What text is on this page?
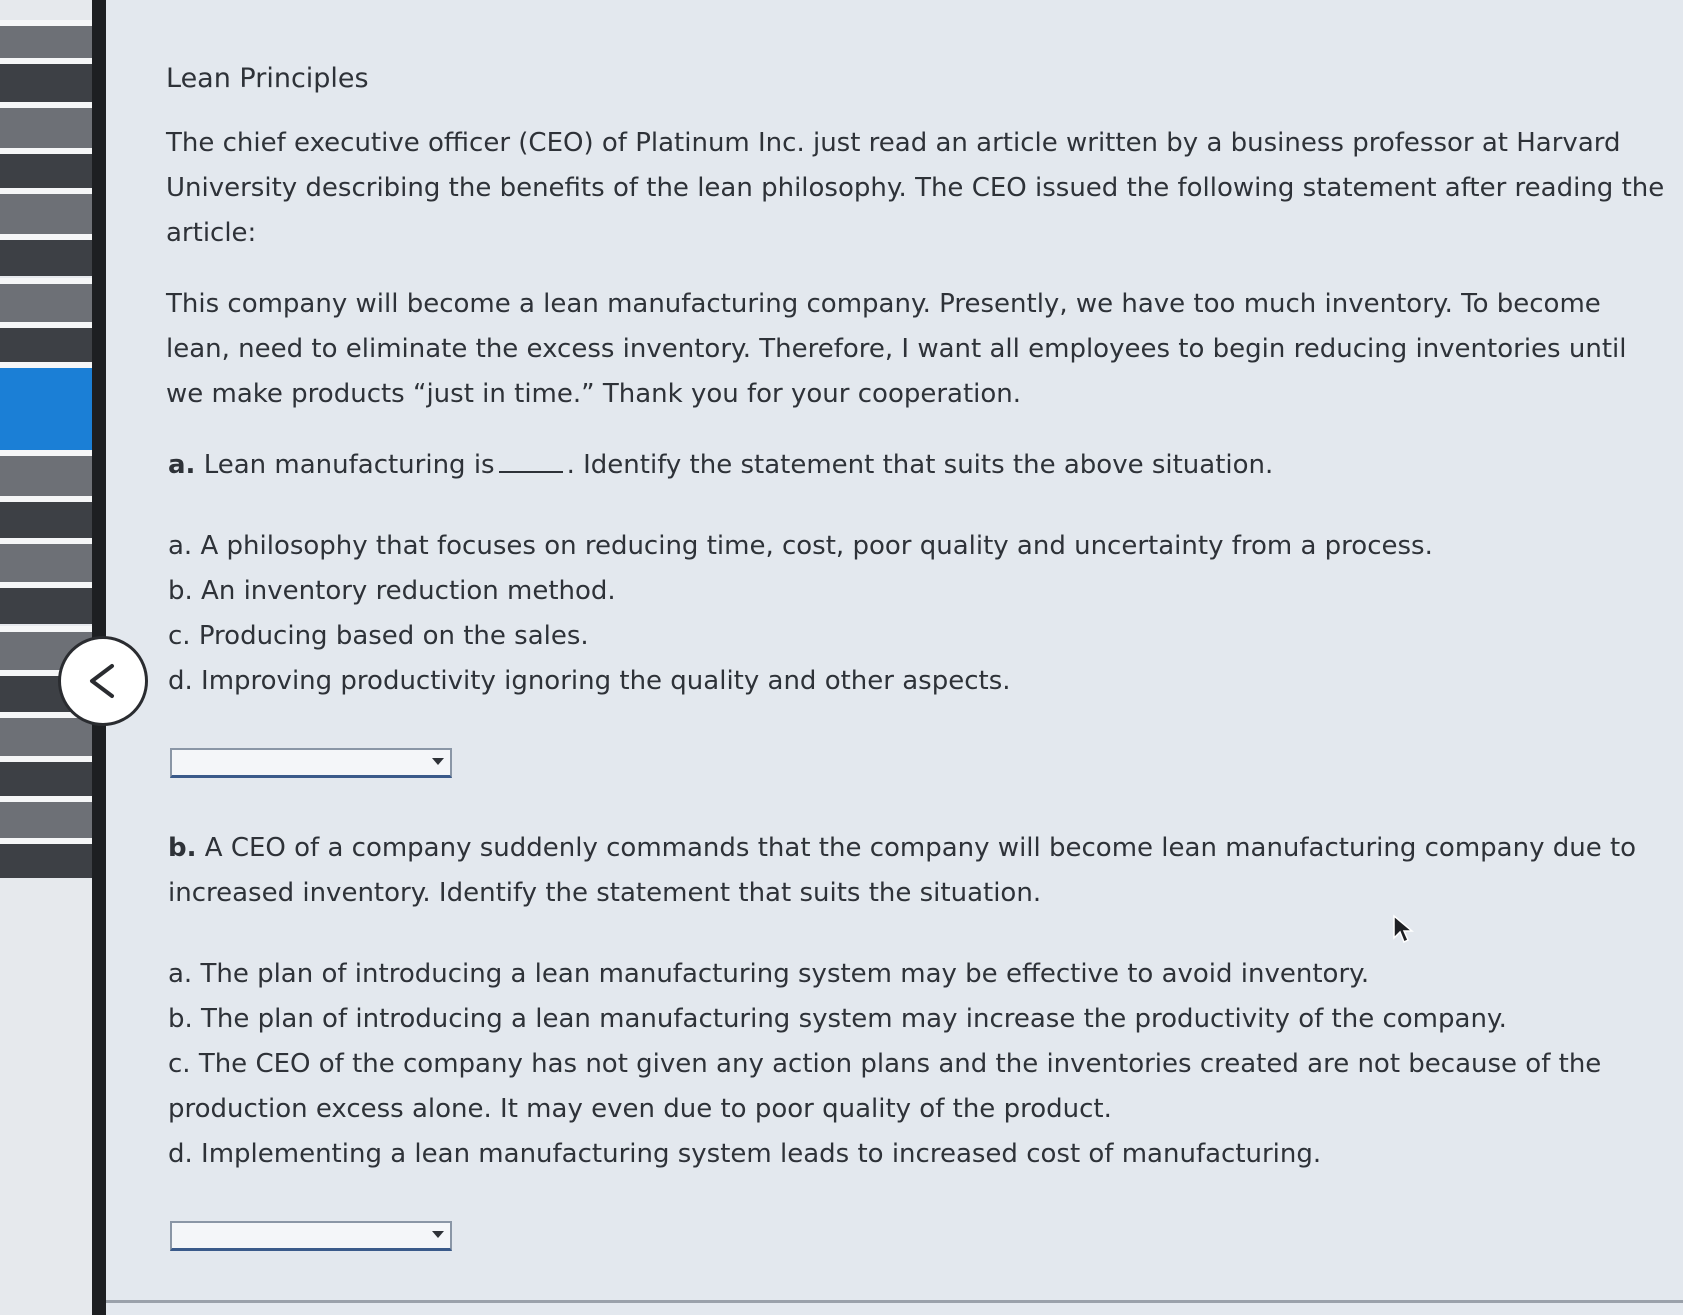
Lean Principles

The chief executive officer (CEO) of Platinum Inc. just read an article written by a business professor at Harvard University describing the benefits of the lean philosophy. The CEO issued the following statement after reading the article:

This company will become a lean manufacturing company. Presently, we have too much inventory. To become lean, need to eliminate the excess inventory. Therefore, I want all employees to begin reducing inventories until we make products “just in time.” Thank you for your cooperation.

a. Lean manufacturing is	. Identify the statement that suits the above situation.
a. A philosophy that focuses on reducing time, cost, poor quality and uncertainty from a process.
b. An inventory reduction method.
c. Producing based on the sales.
d. Improving productivity ignoring the quality and other aspects.
b. A CEO of a company suddenly commands that the company will become lean manufacturing company due to increased inventory. Identify the statement that suits the situation.
a. The plan of introducing a lean manufacturing system may be effective to avoid inventory.
b. The plan of introducing a lean manufacturing system may increase the productivity of the company.
c. The CEO of the company has not given any action plans and the inventories created are not because of the production excess alone. It may even due to poor quality of the product.
d. Implementing a lean manufacturing system leads to increased cost of manufacturing.
